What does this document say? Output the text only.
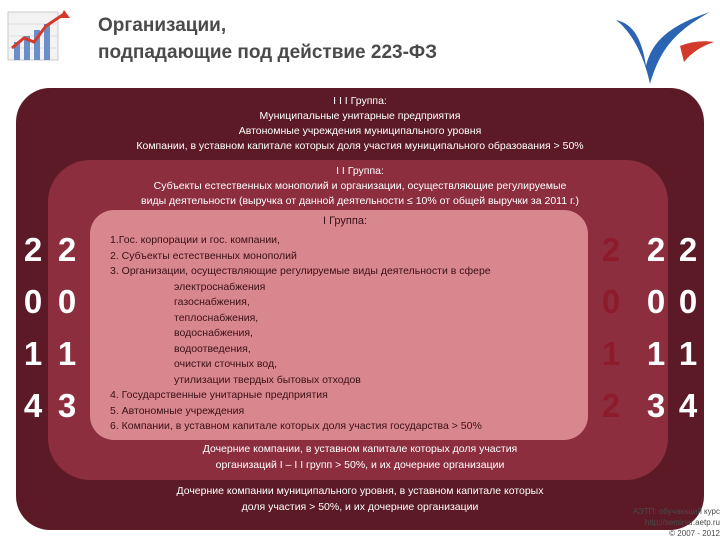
Организации,
подпадающие под действие 223-ФЗ
I I I Группа:
Муниципальные унитарные предприятия
Автономные учреждения муниципального уровня
Компании, в уставном капитале которых доля участия муниципального образования > 50%
I I Группа:
Субъекты естественных монополий и организации, осуществляющие регулируемые
виды деятельности (выручка от данной деятельности ≤ 10% от общей выручки за 2011 г.)
I Группа:
1.Гос. корпорации и гос. компании,
2. Субъекты естественных монополий
3. Организации, осуществляющие регулируемые виды деятельности в сфере
электроснабжения
газоснабжения,
теплоснабжения,
водоснабжения,
водоотведения,
очистки сточных вод,
утилизации твердых бытовых отходов
4. Государственные унитарные предприятия
5. Автономные учреждения
6. Компании, в уставном капитале которых доля участия государства > 50%
Дочерние компании, в уставном капитале которых доля участия
организаций I – I I групп > 50%, и их дочерние организации
Дочерние компании муниципального уровня, в уставном капитале которых
доля участия > 50%, и их дочерние организации
2
0
1
4
2
0
1
3
2
0
1
2
2
0
1
3
2
0
1
4
АЭТП: обучающий курс
http://seminar.aetp.ru
© 2007 - 2012
